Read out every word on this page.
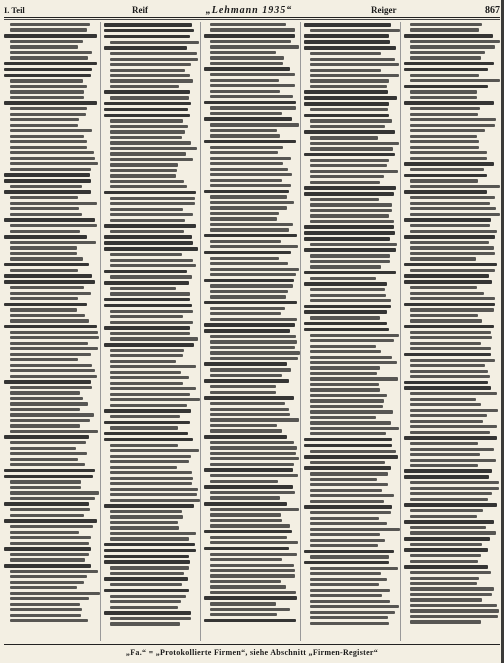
I. Teil	Reif	„Lehmann 1935“	Reiger	867
„Fa.“ = „Protokollierte Firmen“, siehe Abschnitt „Firmen-Register“
